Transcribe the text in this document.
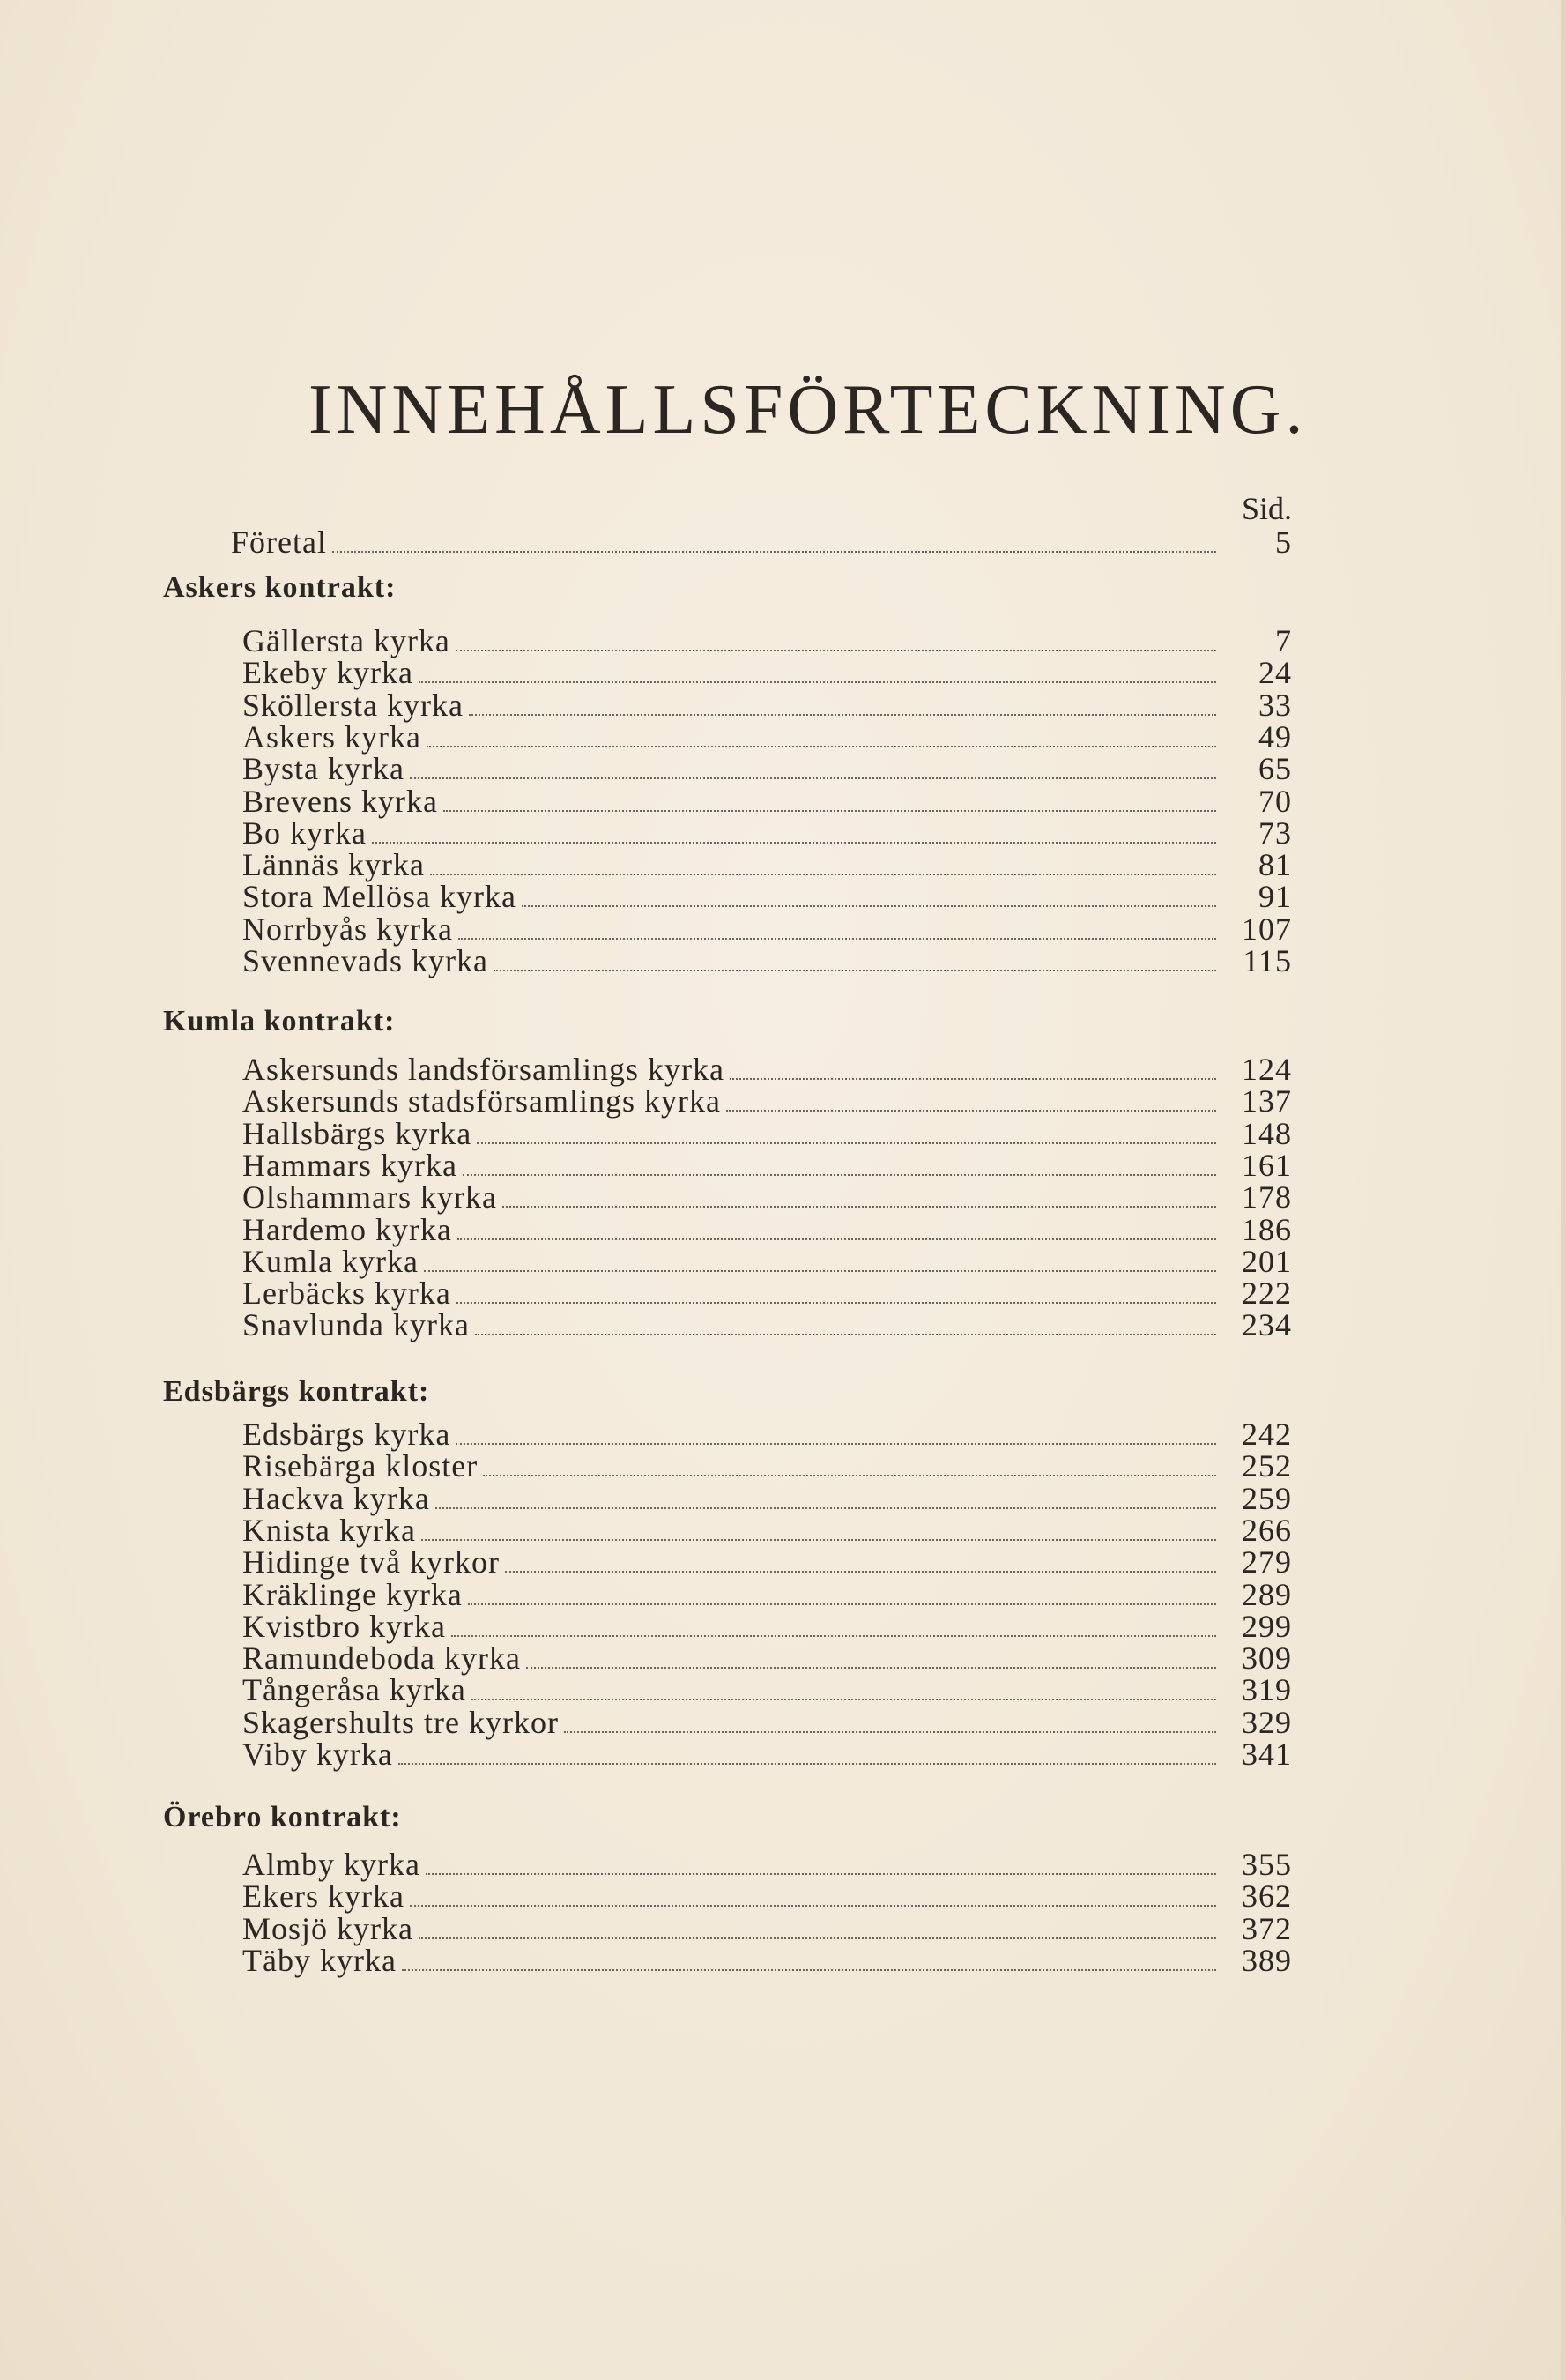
INNEHÅLLSFÖRTECKNING.
Sid.
Företal	5
Askers kontrakt:
Gällersta kyrka	7
Ekeby kyrka	24
Sköllersta kyrka	33
Askers kyrka	49
Bysta kyrka	65
Brevens kyrka	70
Bo kyrka	73
Lännäs kyrka	81
Stora Mellösa kyrka	91
Norrbyås kyrka	107
Svennevads kyrka	115
Kumla kontrakt:
Askersunds landsförsamlings kyrka	124
Askersunds stadsförsamlings kyrka	137
Hallsbärgs kyrka	148
Hammars kyrka	161
Olshammars kyrka	178
Hardemo kyrka	186
Kumla kyrka	201
Lerbäcks kyrka	222
Snavlunda kyrka	234
Edsbärgs kontrakt:
Edsbärgs kyrka	242
Risebärga kloster	252
Hackva kyrka	259
Knista kyrka	266
Hidinge två kyrkor	279
Kräklinge kyrka	289
Kvistbro kyrka	299
Ramundeboda kyrka	309
Tångeråsa kyrka	319
Skagershults tre kyrkor	329
Viby kyrka	341
Örebro kontrakt:
Almby kyrka	355
Ekers kyrka	362
Mosjö kyrka	372
Täby kyrka	389
